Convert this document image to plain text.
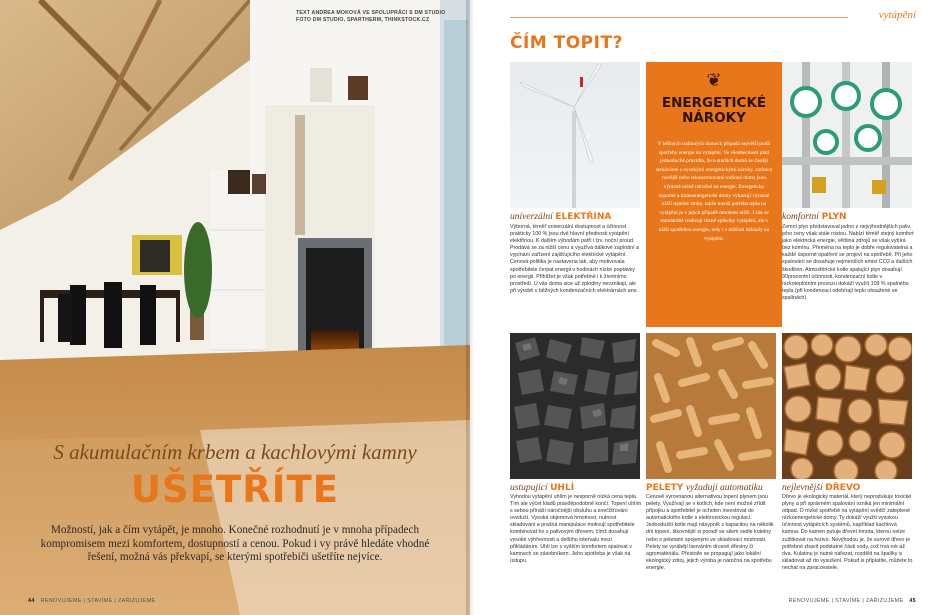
TEXT ANDREA MOKOVÁ VE SPOLUPRÁCI S DM STUDIO
FOTO DM STUDIO, SPARTHERM, THINKSTOCK.CZ
S akumulačním krbem a kachlovými kamny
UŠETŘÍTE
Možností, jak a čím vytápět, je mnoho. Konečné rozhodnutí je v mnoha případech kompromisem mezi komfortem, dostupností a cenou. Pokud i vy právě hledáte vhodné řešení, možná vás překvapí, se kterými spotřebiči ušetříte nejvíce.
44 RENOVUJEME | STAVÍME | ZAŘIZUJEME
vytápění
ČÍM TOPIT?
❦
ENERGETICKÉ
NÁROKY
V běžných rodinných domech připadá největší podíl spotřeby energie na vytápění. Ve všeobecnosti platí jednoduché pravidlo, že u starších domů se častěji setkáváme s vysokými energetickými nároky, zatímco novější nebo rekonstruované rodinné domy jsou výrazně méně náročné na energie. Energeticky úsporné a nízkoenergetické domy vykazují výrazně nižší tepelné ztráty, takže menší potřeba tepla na vytápění je v jejich případě mnohem nižší. I zde se standardně realizují různé způsoby vytápění, ale s nižší spotřebou energie, tedy i s nižšími náklady na vytápění.
univerzální ELEKTŘINA
Výborná, téměř univerzální dostupnost a účinnost prakticky 100 % jsou dvě hlavní přednosti vytápění elektřinou. K dalším výhodám patří i tzv. noční proud. Prodává se za nižší cenu a využívá dálkové zapínání a vypínání zařízení zajišťujícího elektrické vytápění. Cenová politika je nastavena tak, aby motivovala spotřebitele čerpat energii v hodinách nízké poptávky po energii. Přihlížet je však potřebné i k životnímu prostředí. U vás doma sice už zplodiny nevznikají, ale při výrobě v běžných kondenzačních elektrárnách ano.
komfortní PLYN
Zemní plyn představoval jedno z nejvýhodnějších paliv, jeho ceny však stále rostou. Nabízí téměř stejný komfort jako elektrická energie, většina zdrojů se však vybírá bez komínu. Přeměna na teplo je dobře regulovatelná a každé úsporné opatření se projeví na spotřebě. Při jeho spalování se dosahuje nejmenších emisí CO2 a dalších škodlivin. Atmosférické kotle spalující plyn dosahují 90procentní účinnosti, kondenzační kotle v nízkoteplotním provozu dokáží využít 109 % spalného tepla (při kondenzaci odebírají teplo obsažené ve spalinách).
ustupující UHLÍ
Vyhodou vytápění uhlím je nesporně nízká cena tepla. Tím ale výčet kladů pravděpodobně končí. Topení uhlím s sebou přináší náročnější obsluhu a znečišťování ovzduší. Vysoká objemová hmotnost, nutnost skladování a prašná manipulace motivují spotřebitele kombinovat ho s palivovým dřevem, čímž dosahují vysoké výhřevnosti a delšího intervalu mezi přikládáním. Uhlí lze s vyšším komfortem spalovat v kamnech se zásobníkem. Jeho spotřeba je však na ústupu.
PELETY vyžadují automatiku
Cenově vyrovnanou alternativou topení plynem jsou pelety. Využívají se v kotlích, kde není možné zřídit přípojku a spotřebitel je ochoten investovat do automatického kotle s elektronickou regulací. Jednodušší kotle mají násypník s kapacitou na několik dní topení, šikovnější si poradí se silem vedle kotelny nebo s peletami spojenými ve skladovací místnosti. Pelety se vyrábějí lisováním drcené dřeviny či agromateriálu. Přestože se propagují jako lokální ekologický zdroj, jejich výroba je náročná na spotřebu energie.
nejlevnější DŘEVO
Dřevo je ekologický materiál, který neprodukuje toxické plyny a při správném spalování vzniká jen minimální odpad. O nízké spotřebě na vytápění svědčí zateplené nízkoenergetické domy. Ty dokáží využít vysokou účinnost vytápěcích systémů, například kachlová kamna. Do kamen putuje dřevní hmota, kterou nelze zužitkovat na řezivo. Nevýhodou je, že surové dřevo je potřebné zbavit podstatné části vody, což trvá rok až dva. Kulatinu je nutné nařezat, rozdělit na špalíky a skladovat až do vysušení. Pokud si připlatíte, můžete to nechat na zpracovatele.
RENOVUJEME | STAVÍME | ZAŘIZUJEME 45
